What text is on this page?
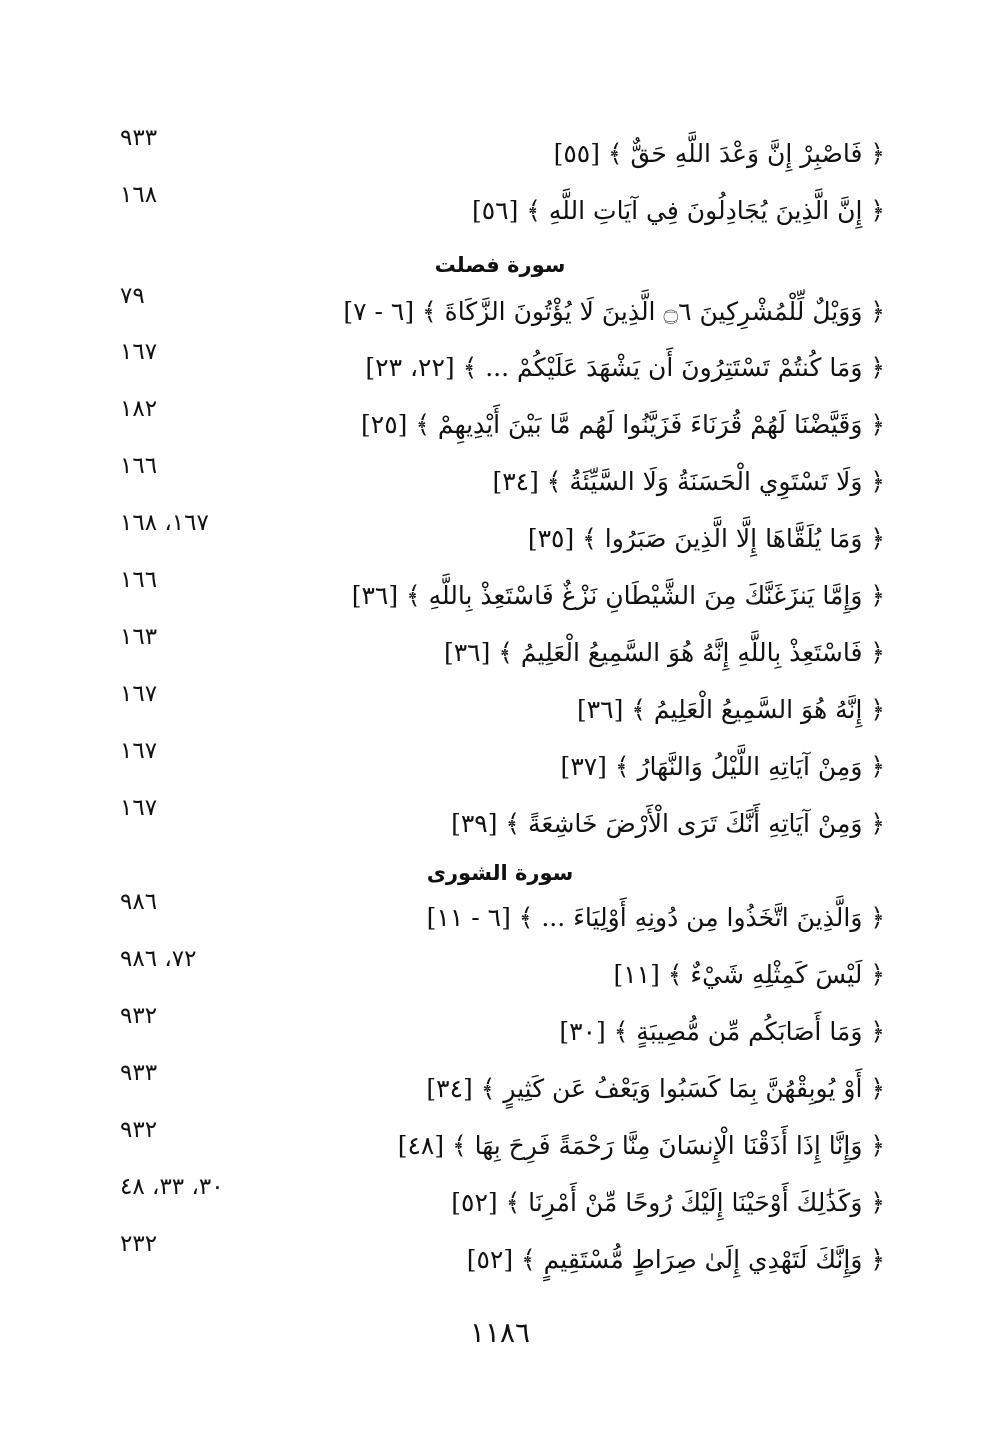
﴿ فَاصْبِرْ إِنَّ وَعْدَ اللَّهِ حَقٌّ ﴾ [٥٥]
٩٣٣
﴿ إِنَّ الَّذِينَ يُجَادِلُونَ فِي آيَاتِ اللَّهِ ﴾ [٥٦]
١٦٨
سورة فصلت
﴿ وَوَيْلٌ لِّلْمُشْرِكِينَ ۝٦ الَّذِينَ لَا يُؤْتُونَ الزَّكَاةَ ﴾ [٦ - ٧]
٧٩
﴿ وَمَا كُنتُمْ تَسْتَتِرُونَ أَن يَشْهَدَ عَلَيْكُمْ ... ﴾ [٢٢، ٢٣]
١٦٧
﴿ وَقَيَّضْنَا لَهُمْ قُرَنَاءَ فَزَيَّنُوا لَهُم مَّا بَيْنَ أَيْدِيهِمْ ﴾ [٢٥]
١٨٢
﴿ وَلَا تَسْتَوِي الْحَسَنَةُ وَلَا السَّيِّئَةُ ﴾ [٣٤]
١٦٦
﴿ وَمَا يُلَقَّاهَا إِلَّا الَّذِينَ صَبَرُوا ﴾ [٣٥]
١٦٧، ١٦٨
﴿ وَإِمَّا يَنزَغَنَّكَ مِنَ الشَّيْطَانِ نَزْغٌ فَاسْتَعِذْ بِاللَّهِ ﴾ [٣٦]
١٦٦
﴿ فَاسْتَعِذْ بِاللَّهِ إِنَّهُ هُوَ السَّمِيعُ الْعَلِيمُ ﴾ [٣٦]
١٦٣
﴿ إِنَّهُ هُوَ السَّمِيعُ الْعَلِيمُ ﴾ [٣٦]
١٦٧
﴿ وَمِنْ آيَاتِهِ اللَّيْلُ وَالنَّهَارُ ﴾ [٣٧]
١٦٧
﴿ وَمِنْ آيَاتِهِ أَنَّكَ تَرَى الْأَرْضَ خَاشِعَةً ﴾ [٣٩]
١٦٧
سورة الشورى
﴿ وَالَّذِينَ اتَّخَذُوا مِن دُونِهِ أَوْلِيَاءَ ... ﴾ [٦ - ١١]
٩٨٦
﴿ لَيْسَ كَمِثْلِهِ شَيْءٌ ﴾ [١١]
٧٢، ٩٨٦
﴿ وَمَا أَصَابَكُم مِّن مُّصِيبَةٍ ﴾ [٣٠]
٩٣٢
﴿ أَوْ يُوبِقْهُنَّ بِمَا كَسَبُوا وَيَعْفُ عَن كَثِيرٍ ﴾ [٣٤]
٩٣٣
﴿ وَإِنَّا إِذَا أَذَقْنَا الْإِنسَانَ مِنَّا رَحْمَةً فَرِحَ بِهَا ﴾ [٤٨]
٩٣٢
﴿ وَكَذَٰلِكَ أَوْحَيْنَا إِلَيْكَ رُوحًا مِّنْ أَمْرِنَا ﴾ [٥٢]
٣٠، ٣٣، ٤٨
﴿ وَإِنَّكَ لَتَهْدِي إِلَىٰ صِرَاطٍ مُّسْتَقِيمٍ ﴾ [٥٢]
٢٣٢
١١٨٦
